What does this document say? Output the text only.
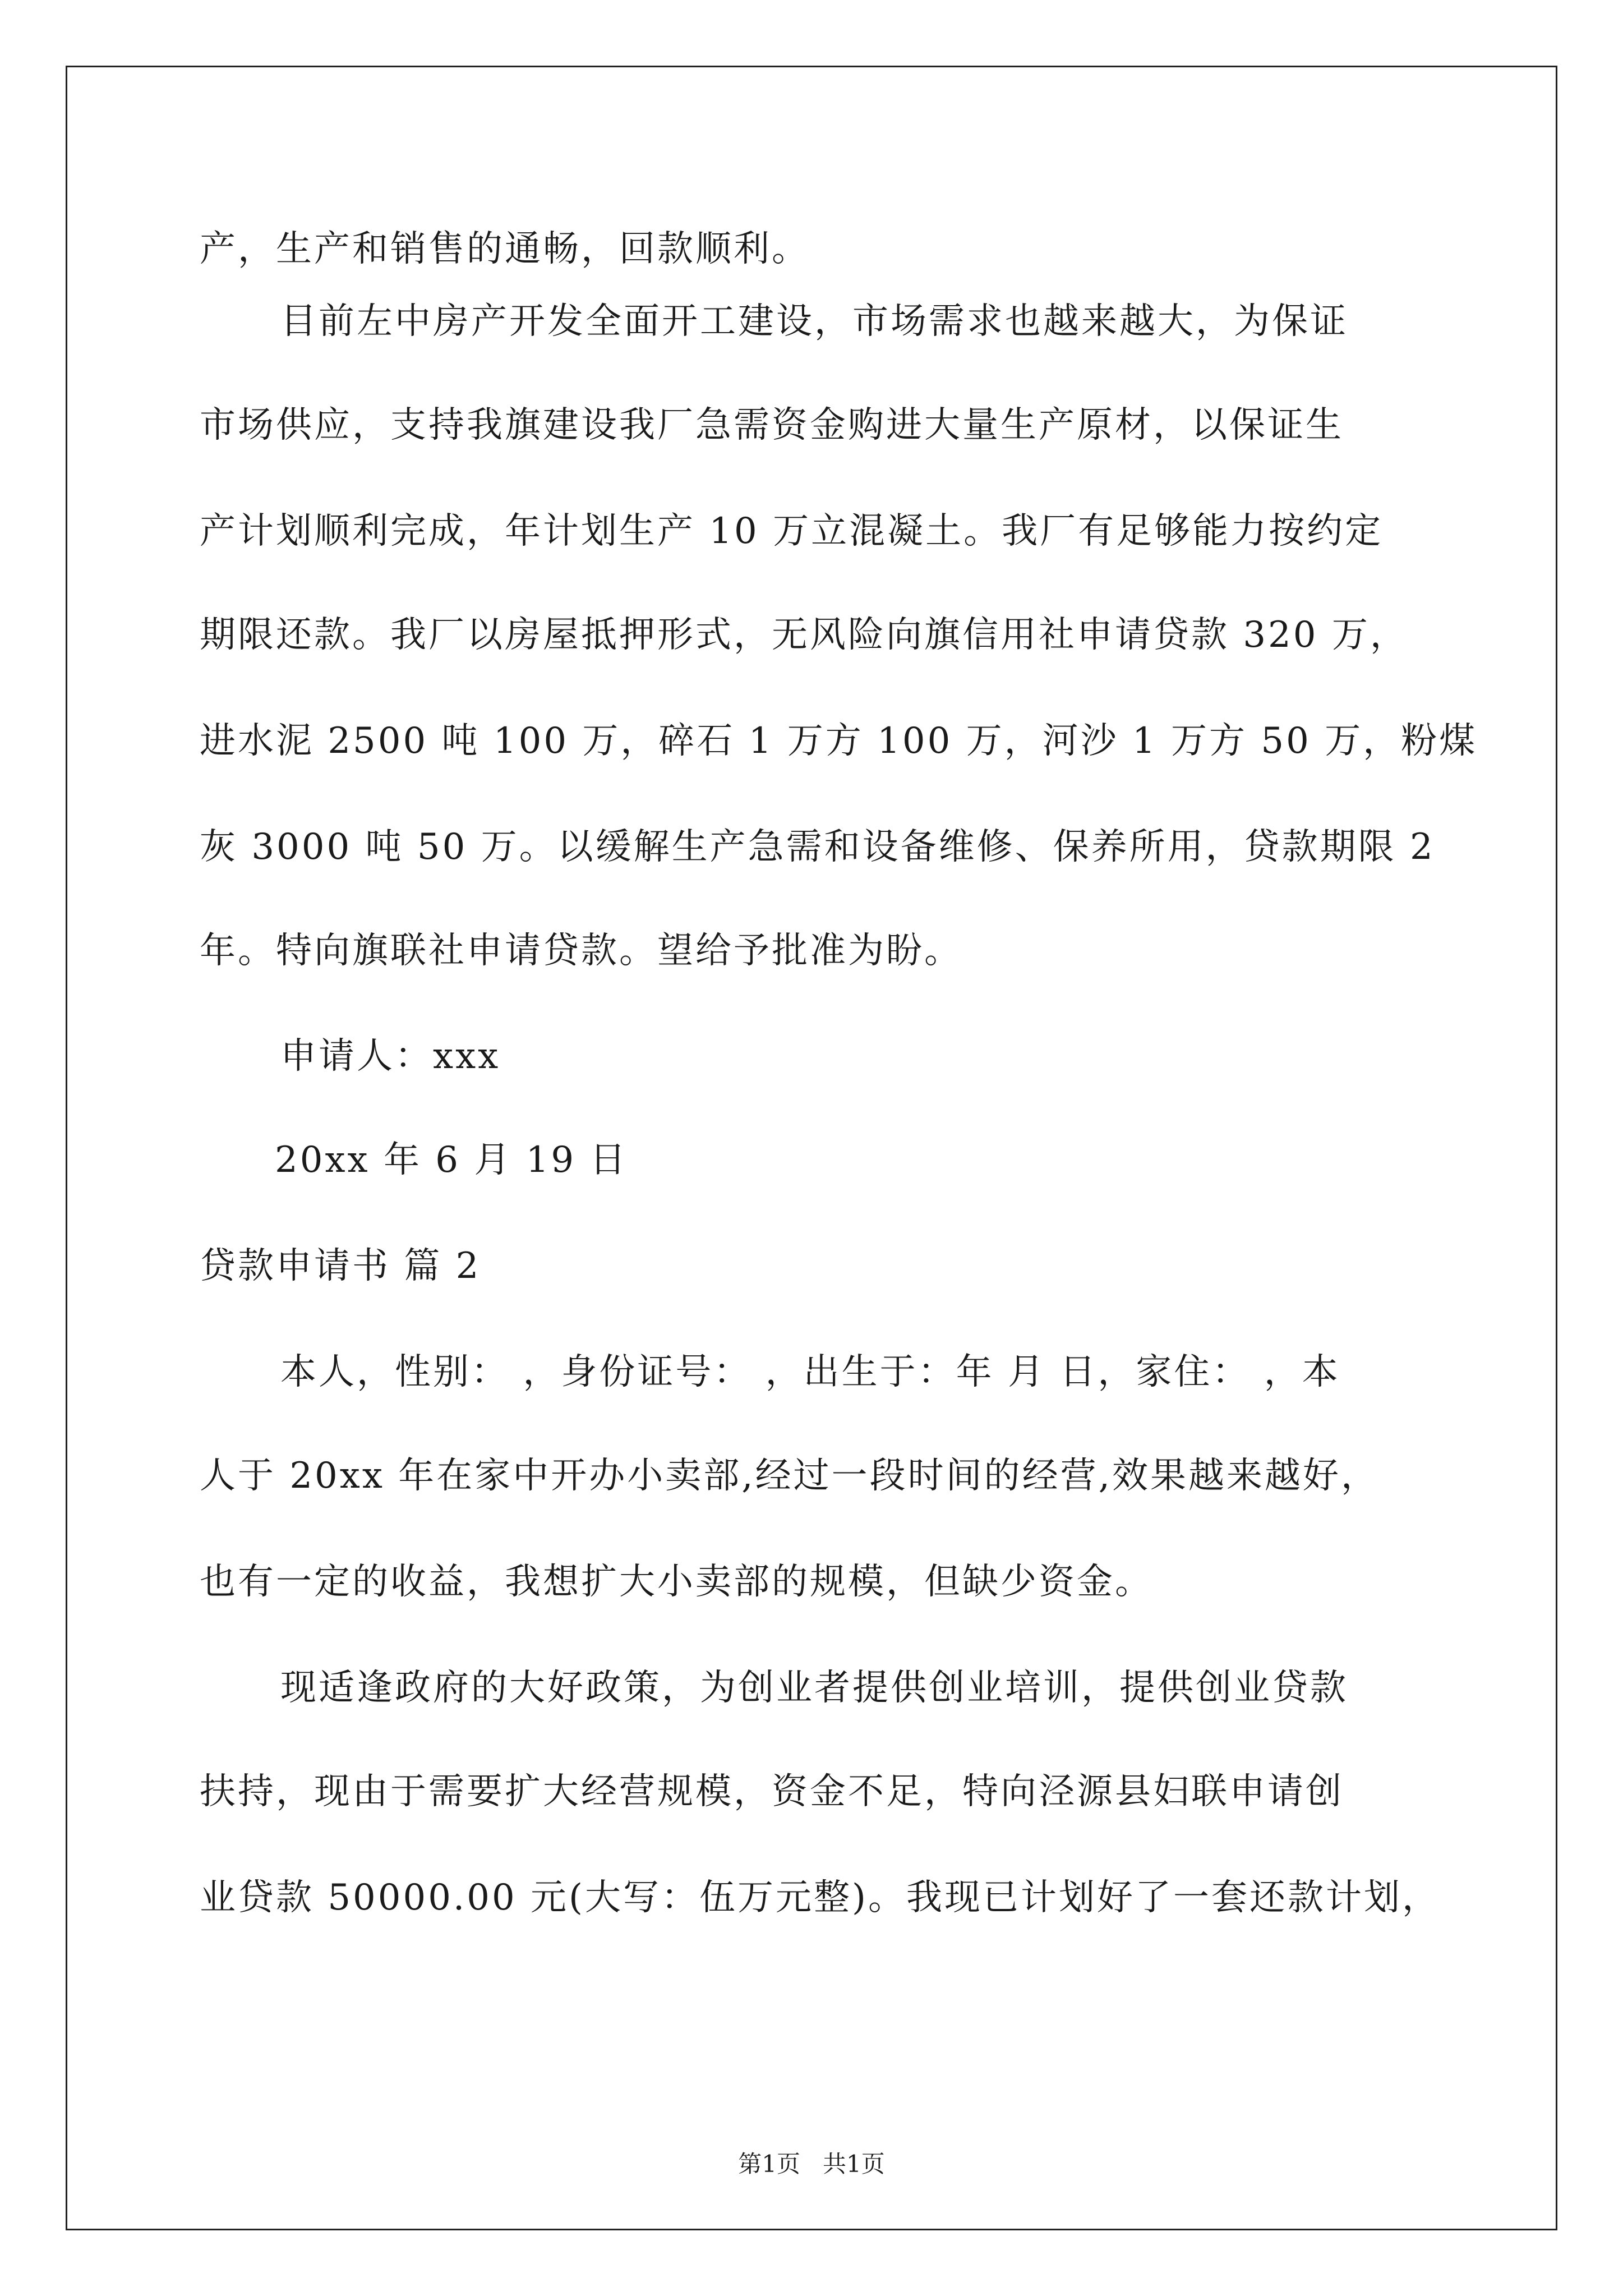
产，生产和销售的通畅，回款顺利。
目前左中房产开发全面开工建设，市场需求也越来越大，为保证
市场供应，支持我旗建设我厂急需资金购进大量生产原材，以保证生
产计划顺利完成，年计划生产 10 万立混凝土。我厂有足够能力按约定
期限还款。我厂以房屋抵押形式，无风险向旗信用社申请贷款 320 万，
进水泥 2500 吨 100 万，碎石 1 万方 100 万，河沙 1 万方 50 万，粉煤
灰 3000 吨 50 万。以缓解生产急需和设备维修、保养所用，贷款期限 2
年。特向旗联社申请贷款。望给予批准为盼。
申请人：xxx
20xx 年 6 月 19 日
贷款申请书 篇 2
本人，性别： ，身份证号： ，出生于：年 月 日，家住： ，本
人于 20xx 年在家中开办小卖部,经过一段时间的经营,效果越来越好，
也有一定的收益，我想扩大小卖部的规模，但缺少资金。
现适逢政府的大好政策，为创业者提供创业培训，提供创业贷款
扶持，现由于需要扩大经营规模，资金不足，特向泾源县妇联申请创
业贷款 50000.00 元(大写：伍万元整)。我现已计划好了一套还款计划，
第1页   共1页
